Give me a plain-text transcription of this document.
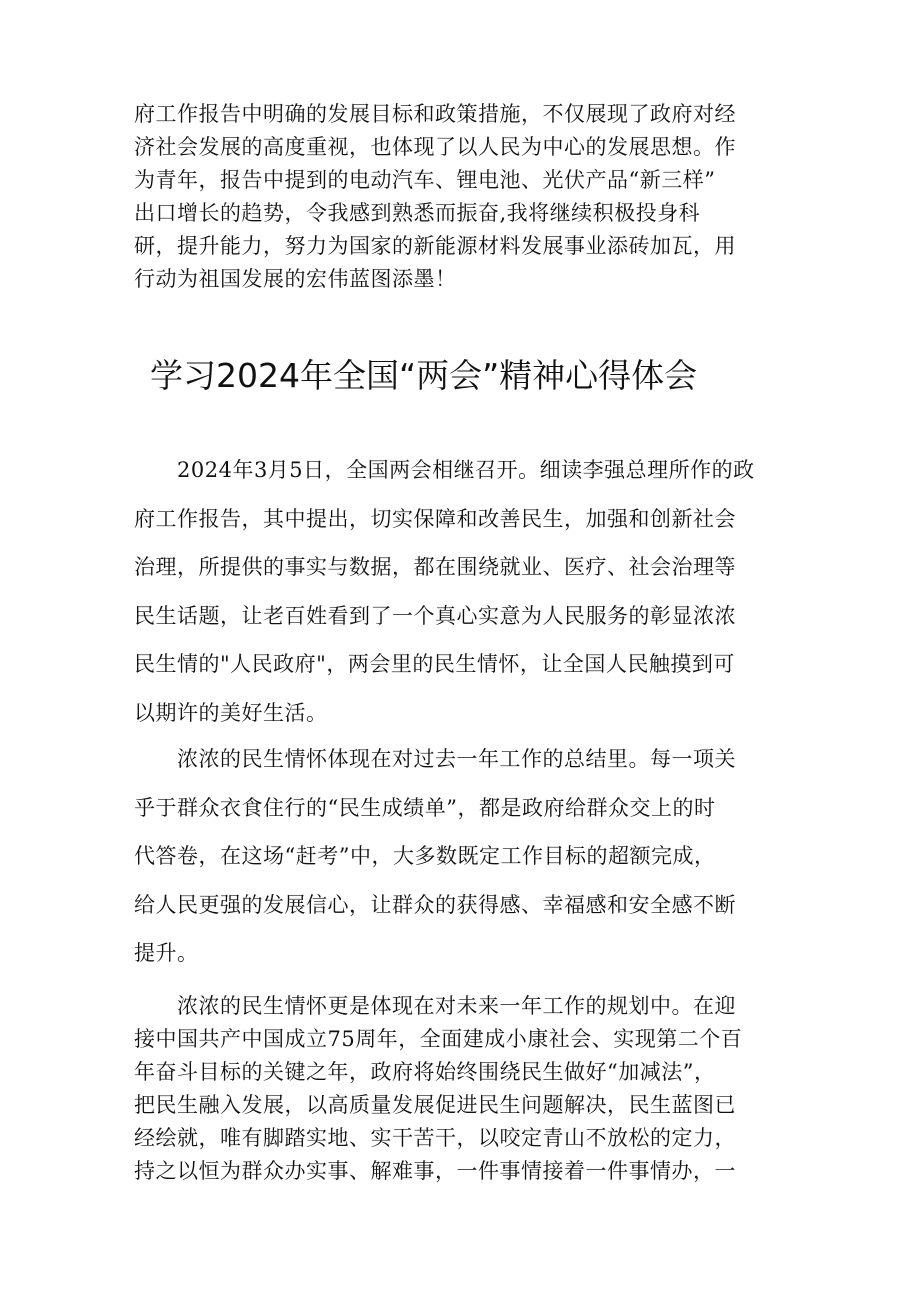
府工作报告中明确的发展目标和政策措施，不仅展现了政府对经
济社会发展的高度重视，也体现了以人民为中心的发展思想。作
为青年，报告中提到的电动汽车、锂电池、光伏产品“新三样”
出口增长的趋势，令我感到熟悉而振奋,我将继续积极投身科
研，提升能力，努力为国家的新能源材料发展事业添砖加瓦，用
行动为祖国发展的宏伟蓝图添墨！
学习2024年全国“两会”精神心得体会
　　2024年3月5日，全国两会相继召开。细读李强总理所作的政
府工作报告，其中提出，切实保障和改善民生，加强和创新社会
治理，所提供的事实与数据，都在围绕就业、医疗、社会治理等
民生话题，让老百姓看到了一个真心实意为人民服务的彰显浓浓
民生情的"人民政府"，两会里的民生情怀，让全国人民触摸到可
以期许的美好生活。
　　浓浓的民生情怀体现在对过去一年工作的总结里。每一项关
乎于群众衣食住行的“民生成绩单”，都是政府给群众交上的时
代答卷，在这场“赶考”中，大多数既定工作目标的超额完成，
给人民更强的发展信心，让群众的获得感、幸福感和安全感不断
提升。
　　浓浓的民生情怀更是体现在对未来一年工作的规划中。在迎
接中国共产中国成立75周年，全面建成小康社会、实现第二个百
年奋斗目标的关键之年，政府将始终围绕民生做好“加减法”，
把民生融入发展，以高质量发展促进民生问题解决，民生蓝图已
经绘就，唯有脚踏实地、实干苦干，以咬定青山不放松的定力，
持之以恒为群众办实事、解难事，一件事情接着一件事情办，一
